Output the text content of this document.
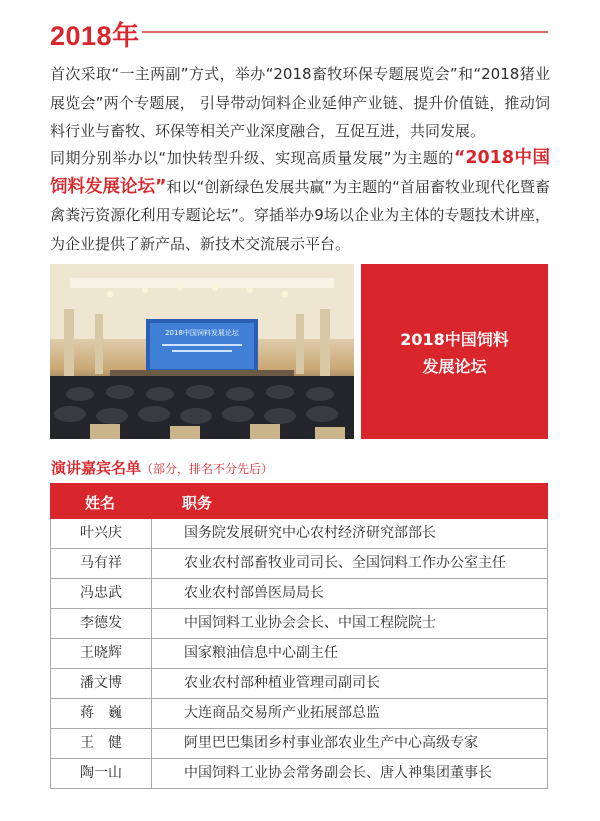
2018年

首次采取“一主两副”方式，举办“2018畜牧环保专题展览会”和“2018猪业展览会”两个专题展， 引导带动饲料企业延伸产业链、提升价值链，推动饲料行业与畜牧、环保等相关产业深度融合，互促互进，共同发展。

同期分别举办以“加快转型升级、实现高质量发展”为主题的“2018中国饲料发展论坛”和以“创新绿色发展共赢”为主题的“首届畜牧业现代化暨畜禽粪污资源化利用专题论坛”。穿插举办9场以企业为主体的专题技术讲座，为企业提供了新产品、新技术交流展示平台。

2018中国饲料发展论坛	2018中国饲料
发展论坛
演讲嘉宾名单（部分，排名不分先后）
姓名	职务
叶兴庆	国务院发展研究中心农村经济研究部部长
马有祥	农业农村部畜牧业司司长、全国饲料工作办公室主任
冯忠武	农业农村部兽医局局长
李德发	中国饲料工业协会会长、中国工程院院士
王晓辉	国家粮油信息中心副主任
潘文博	农业农村部种植业管理司副司长
蒋　巍	大连商品交易所产业拓展部总监
王　健	阿里巴巴集团乡村事业部农业生产中心高级专家
陶一山	中国饲料工业协会常务副会长、唐人神集团董事长
